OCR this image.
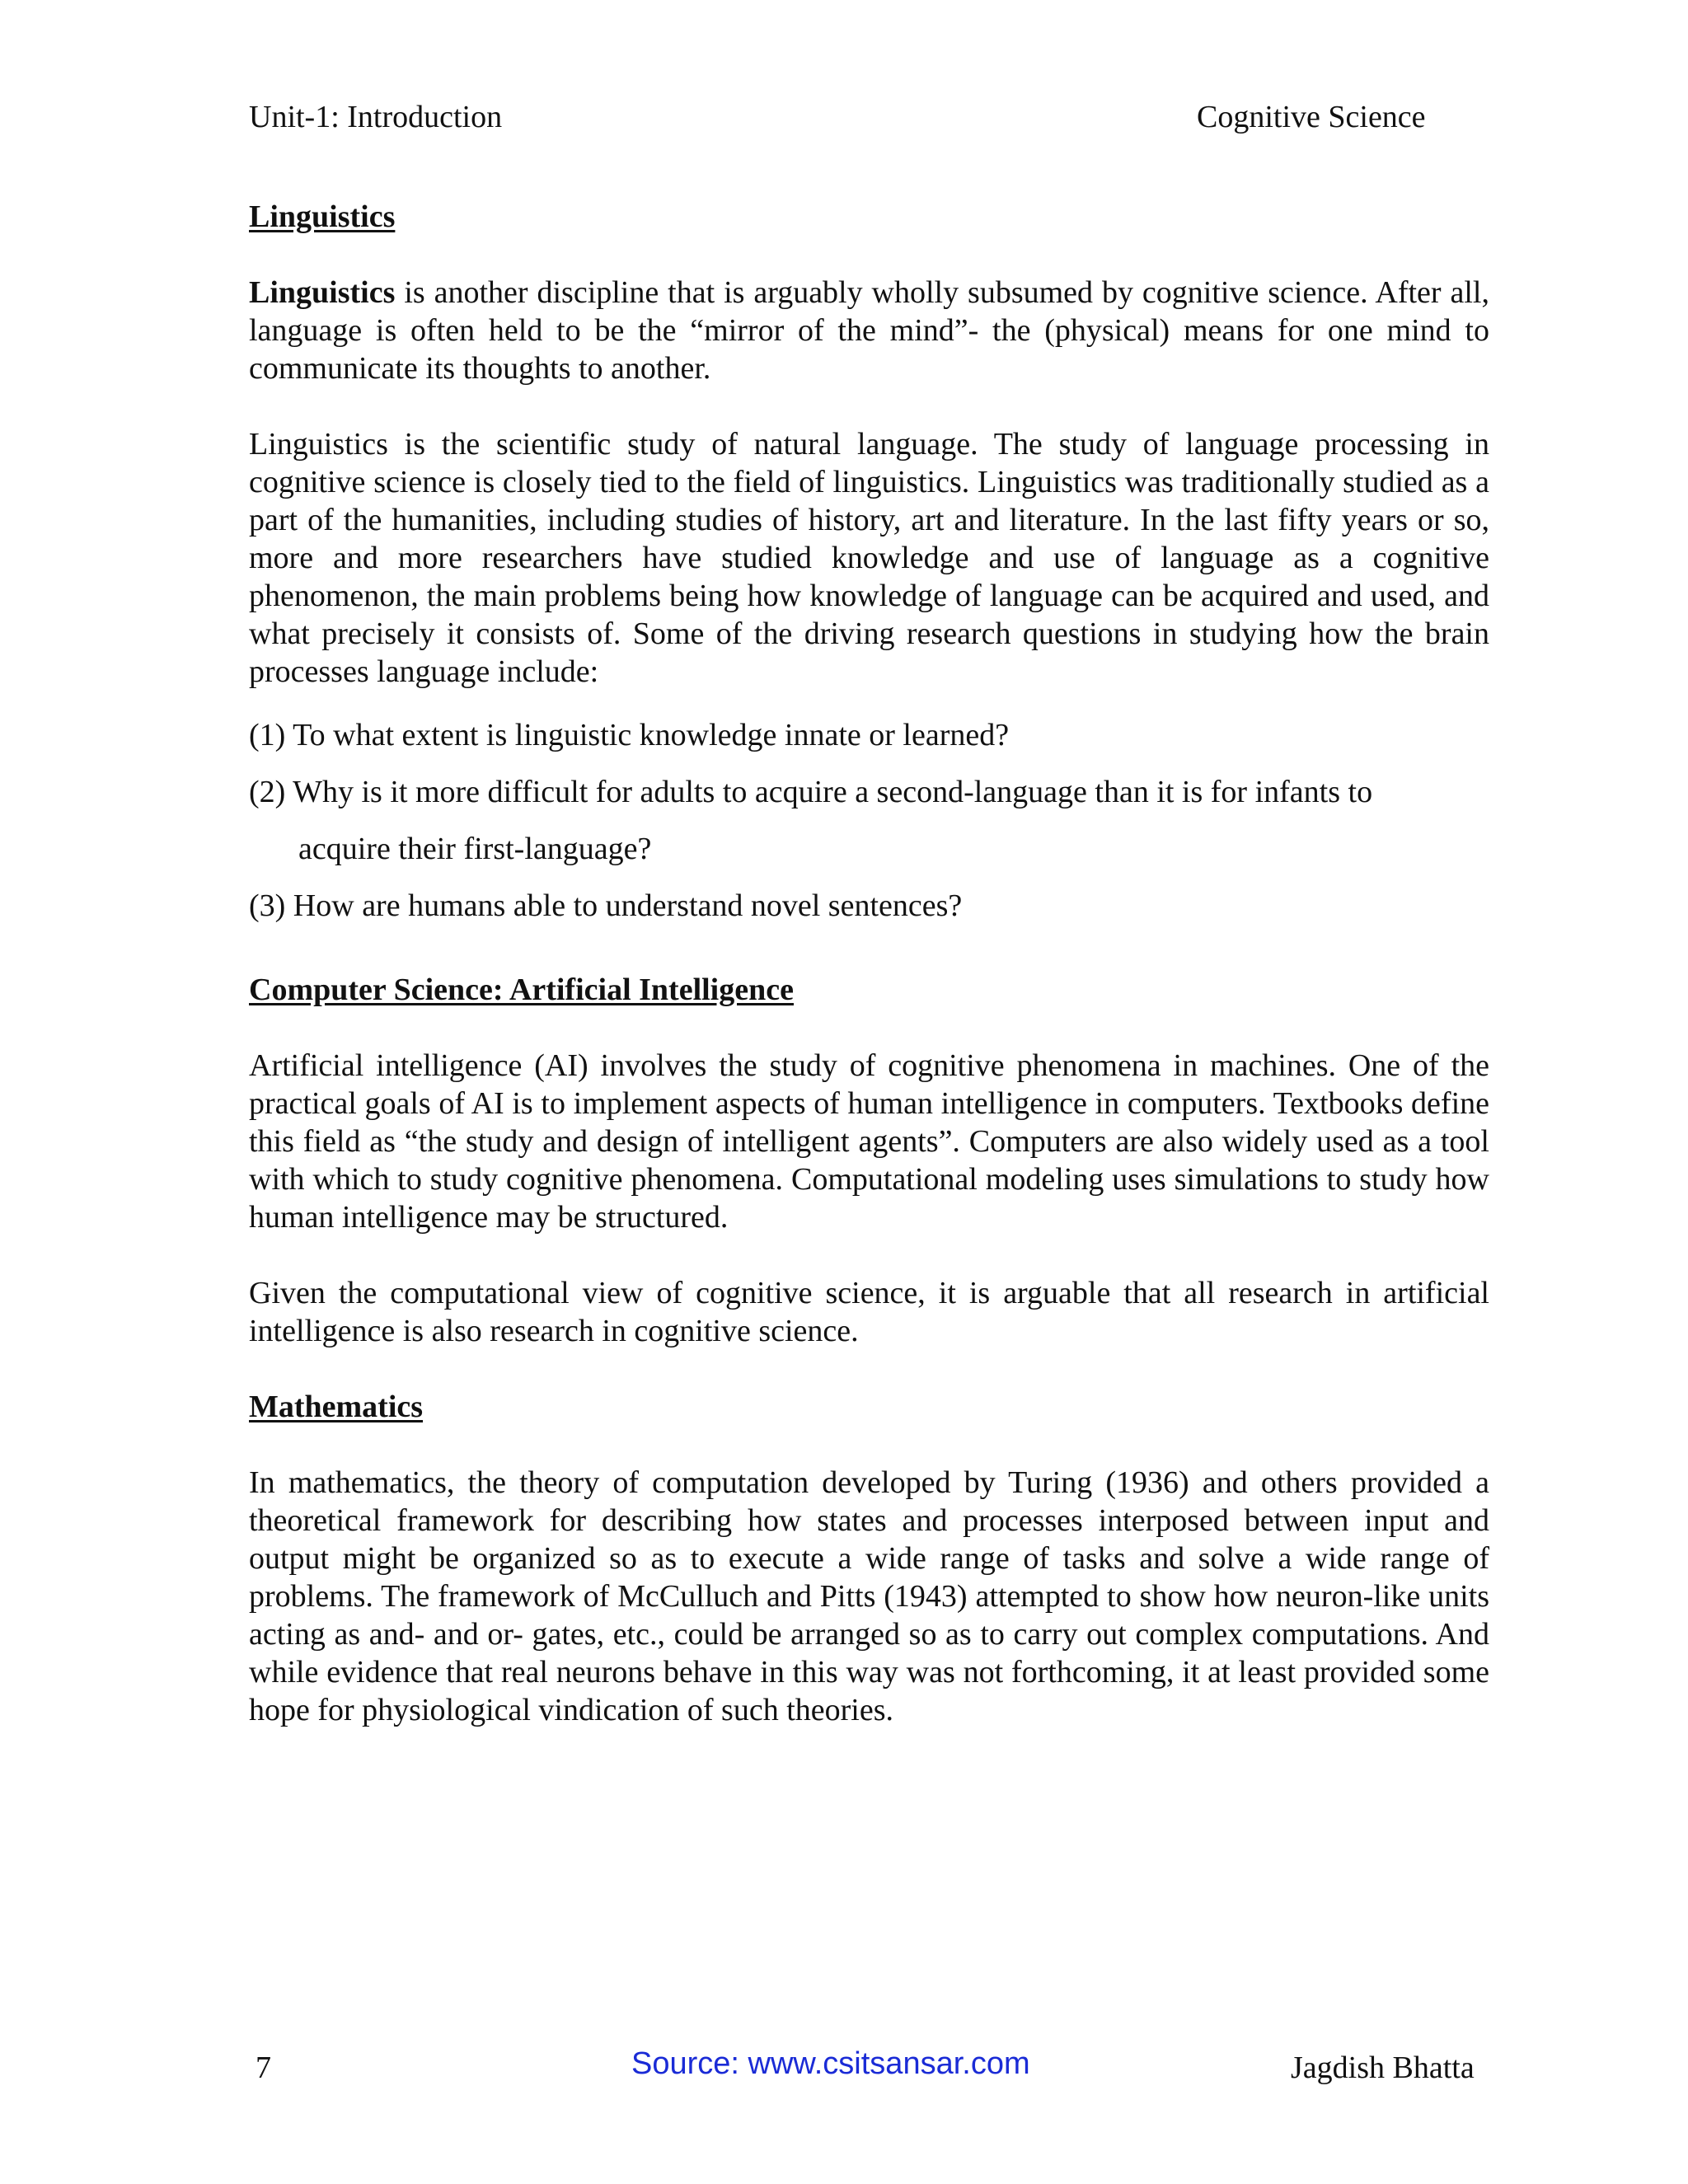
Unit-1: Introduction	Cognitive Science
Linguistics

Linguistics is another discipline that is arguably wholly subsumed by cognitive science. After all, language is often held to be the “mirror of the mind”- the (physical) means for one mind to communicate its thoughts to another.

Linguistics is the scientific study of natural language. The study of language processing in cognitive science is closely tied to the field of linguistics. Linguistics was traditionally studied as a part of the humanities, including studies of history, art and literature. In the last fifty years or so, more and more researchers have studied knowledge and use of language as a cognitive phenomenon, the main problems being how knowledge of language can be acquired and used, and what precisely it consists of. Some of the driving research questions in studying how the brain processes language include:

(1) To what extent is linguistic knowledge innate or learned?

(2) Why is it more difficult for adults to acquire a second-language than it is for infants to

acquire their first-language?

(3) How are humans able to understand novel sentences?

Computer Science: Artificial Intelligence

Artificial intelligence (AI) involves the study of cognitive phenomena in machines. One of the practical goals of AI is to implement aspects of human intelligence in computers. Textbooks define this field as “the study and design of intelligent agents”. Computers are also widely used as a tool with which to study cognitive phenomena. Computational modeling uses simulations to study how human intelligence may be structured.

Given the computational view of cognitive science, it is arguable that all research in artificial intelligence is also research in cognitive science.

Mathematics

In mathematics, the theory of computation developed by Turing (1936) and others provided a theoretical framework for describing how states and processes interposed between input and output might be organized so as to execute a wide range of tasks and solve a wide range of problems. The framework of McCulluch and Pitts (1943) attempted to show how neuron-like units acting as and- and or- gates, etc., could be arranged so as to carry out complex computations. And while evidence that real neurons behave in this way was not forthcoming, it at least provided some hope for physiological vindication of such theories.

7	Source: www.csitsansar.com	Jagdish Bhatta
